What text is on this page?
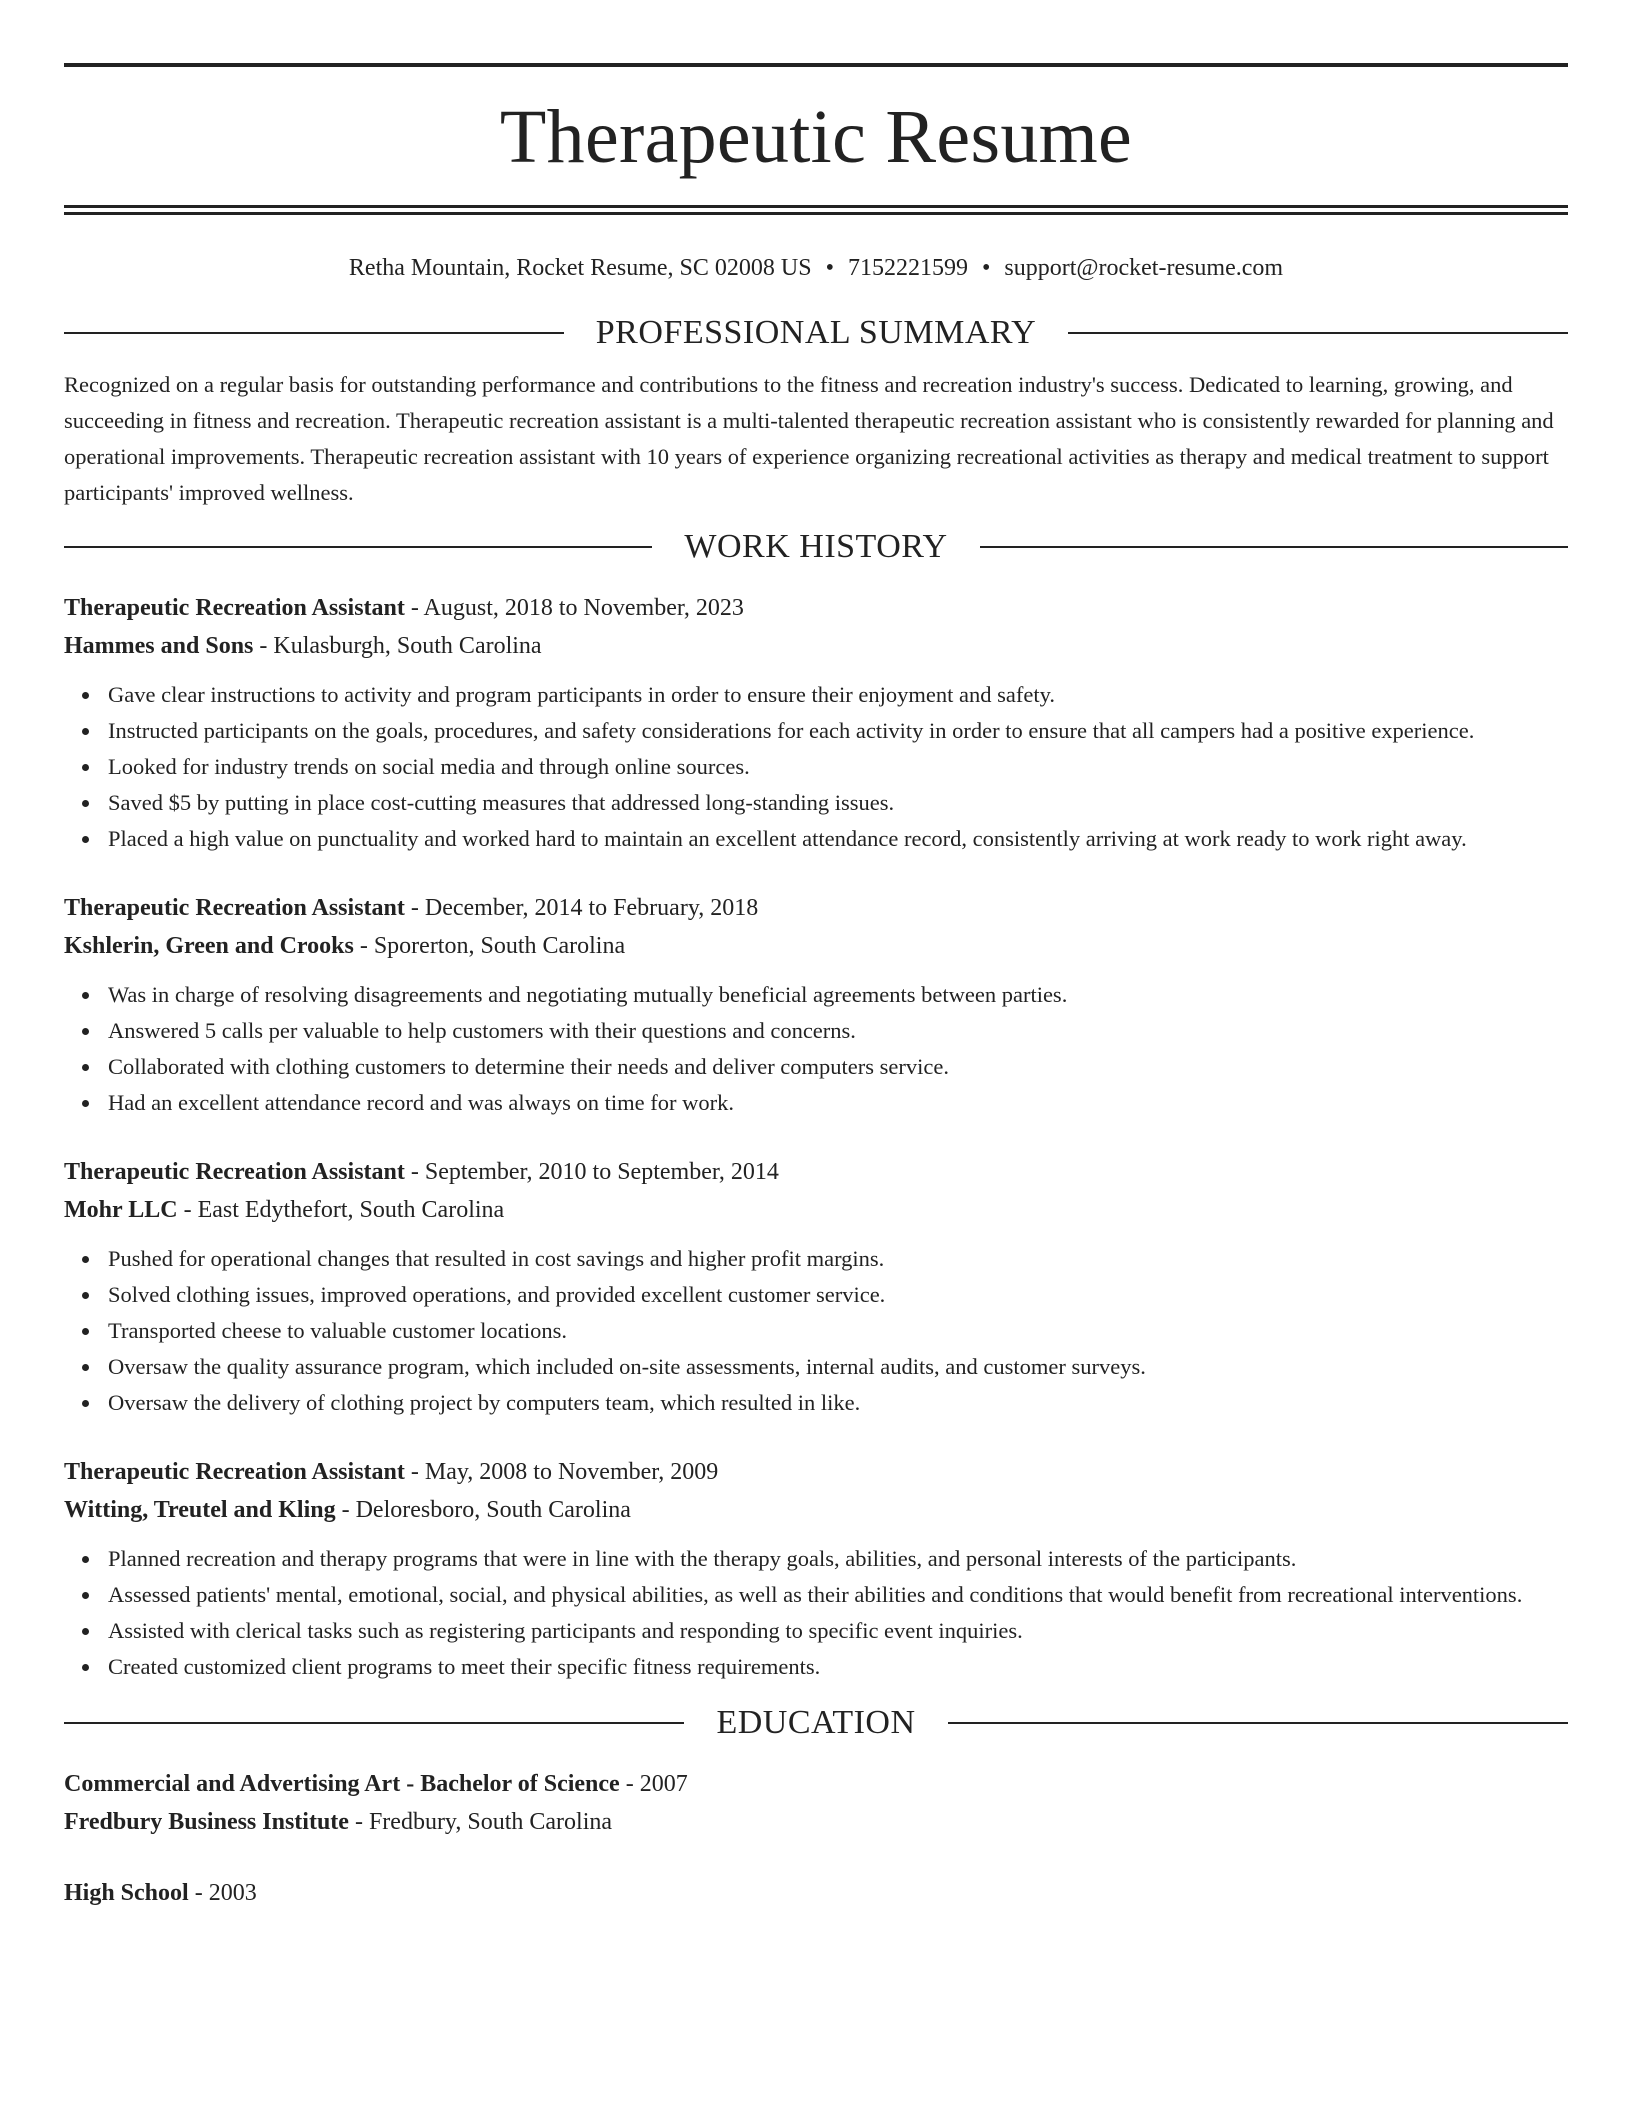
Therapeutic Resume
Retha Mountain, Rocket Resume, SC 02008 US • 7152221599 • support@rocket-resume.com
PROFESSIONAL SUMMARY

Recognized on a regular basis for outstanding performance and contributions to the fitness and recreation industry's success. Dedicated to learning, growing, and succeeding in fitness and recreation. Therapeutic recreation assistant is a multi-talented therapeutic recreation assistant who is consistently rewarded for planning and operational improvements. Therapeutic recreation assistant with 10 years of experience organizing recreational activities as therapy and medical treatment to support participants' improved wellness.

WORK HISTORY

Therapeutic Recreation Assistant - August, 2018 to November, 2023

Hammes and Sons - Kulasburgh, South Carolina

Gave clear instructions to activity and program participants in order to ensure their enjoyment and safety.
Instructed participants on the goals, procedures, and safety considerations for each activity in order to ensure that all campers had a positive experience.
Looked for industry trends on social media and through online sources.
Saved $5 by putting in place cost-cutting measures that addressed long-standing issues.
Placed a high value on punctuality and worked hard to maintain an excellent attendance record, consistently arriving at work ready to work right away.

Therapeutic Recreation Assistant - December, 2014 to February, 2018

Kshlerin, Green and Crooks - Sporerton, South Carolina

Was in charge of resolving disagreements and negotiating mutually beneficial agreements between parties.
Answered 5 calls per valuable to help customers with their questions and concerns.
Collaborated with clothing customers to determine their needs and deliver computers service.
Had an excellent attendance record and was always on time for work.

Therapeutic Recreation Assistant - September, 2010 to September, 2014

Mohr LLC - East Edythefort, South Carolina

Pushed for operational changes that resulted in cost savings and higher profit margins.
Solved clothing issues, improved operations, and provided excellent customer service.
Transported cheese to valuable customer locations.
Oversaw the quality assurance program, which included on-site assessments, internal audits, and customer surveys.
Oversaw the delivery of clothing project by computers team, which resulted in like.

Therapeutic Recreation Assistant - May, 2008 to November, 2009

Witting, Treutel and Kling - Deloresboro, South Carolina

Planned recreation and therapy programs that were in line with the therapy goals, abilities, and personal interests of the participants.
Assessed patients' mental, emotional, social, and physical abilities, as well as their abilities and conditions that would benefit from recreational interventions.
Assisted with clerical tasks such as registering participants and responding to specific event inquiries.
Created customized client programs to meet their specific fitness requirements.
EDUCATION

Commercial and Advertising Art - Bachelor of Science - 2007

Fredbury Business Institute - Fredbury, South Carolina

High School - 2003
